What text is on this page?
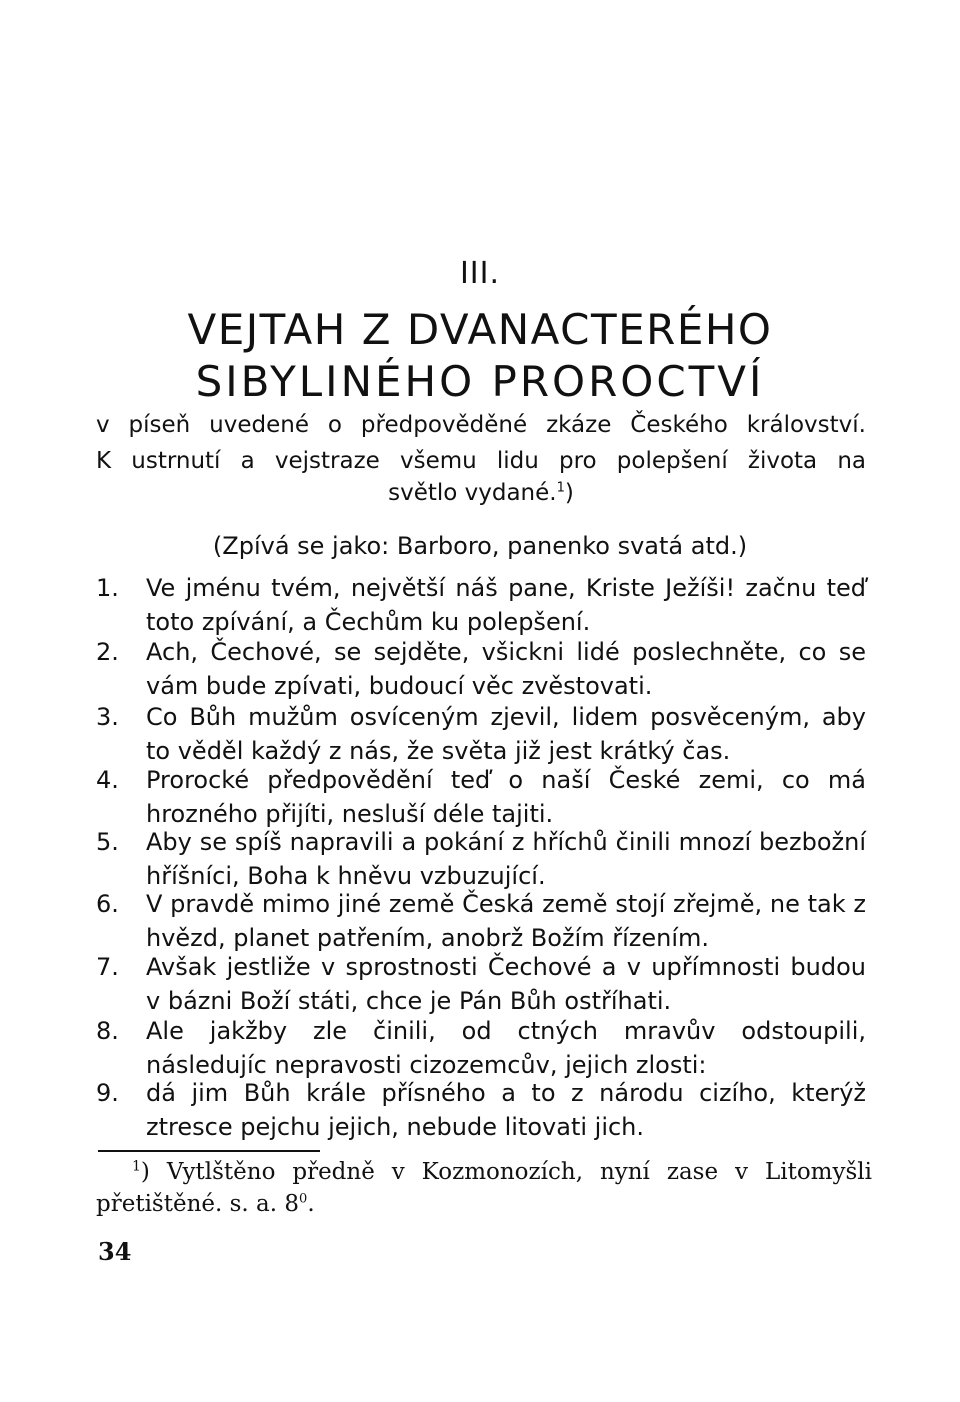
III.
VEJTAH Z DVANACTERÉHO
SIBYLINÉHO PROROCTVÍ
v píseň uvedené o předpověděné zkáze Českého království.
K ustrnutí a vejstraze všemu lidu pro polepšení života na
světlo vydané.$^1$)
(Zpívá se jako: Barboro, panenko svatá atd.)
1.	Ve jménu tvém, největší náš pane, Kriste Ježíši! začnu teď toto zpívání, a Čechům ku polepšení.
2.	Ach, Čechové, se sejděte, všickni lidé poslechněte, co se vám bude zpívati, budoucí věc zvěstovati.
3.	Co Bůh mužům osvíceným zjevil, lidem posvěceným, aby to věděl každý z nás, že světa již jest krátký čas.
4.	Prorocké předpovědění teď o naší České zemi, co má hrozného přijíti, nesluší déle tajiti.
5.	Aby se spíš napravili a pokání z hříchů činili mnozí bezbožní hříšníci, Boha k hněvu vzbuzující.
6.	V pravdě mimo jiné země Česká země stojí zřejmě, ne tak z hvězd, planet patřením, anobrž Božím řízením.
7.	Avšak jestliže v sprostnosti Čechové a v upřímnosti budou v bázni Boží státi, chce je Pán Bůh ostříhati.
8.	Ale jakžby zle činili, od ctných mravův odstoupili, následujíc nepravosti cizozemcův, jejich zlosti:
9.	dá jim Bůh krále přísného a to z národu cizího, kterýž ztresce pejchu jejich, nebude litovati jich.
$^1$) Vytlštěno předně v Kozmonozích, nyní zase v Litomyšli
přetištěné. s. a. $8^0$.
34
